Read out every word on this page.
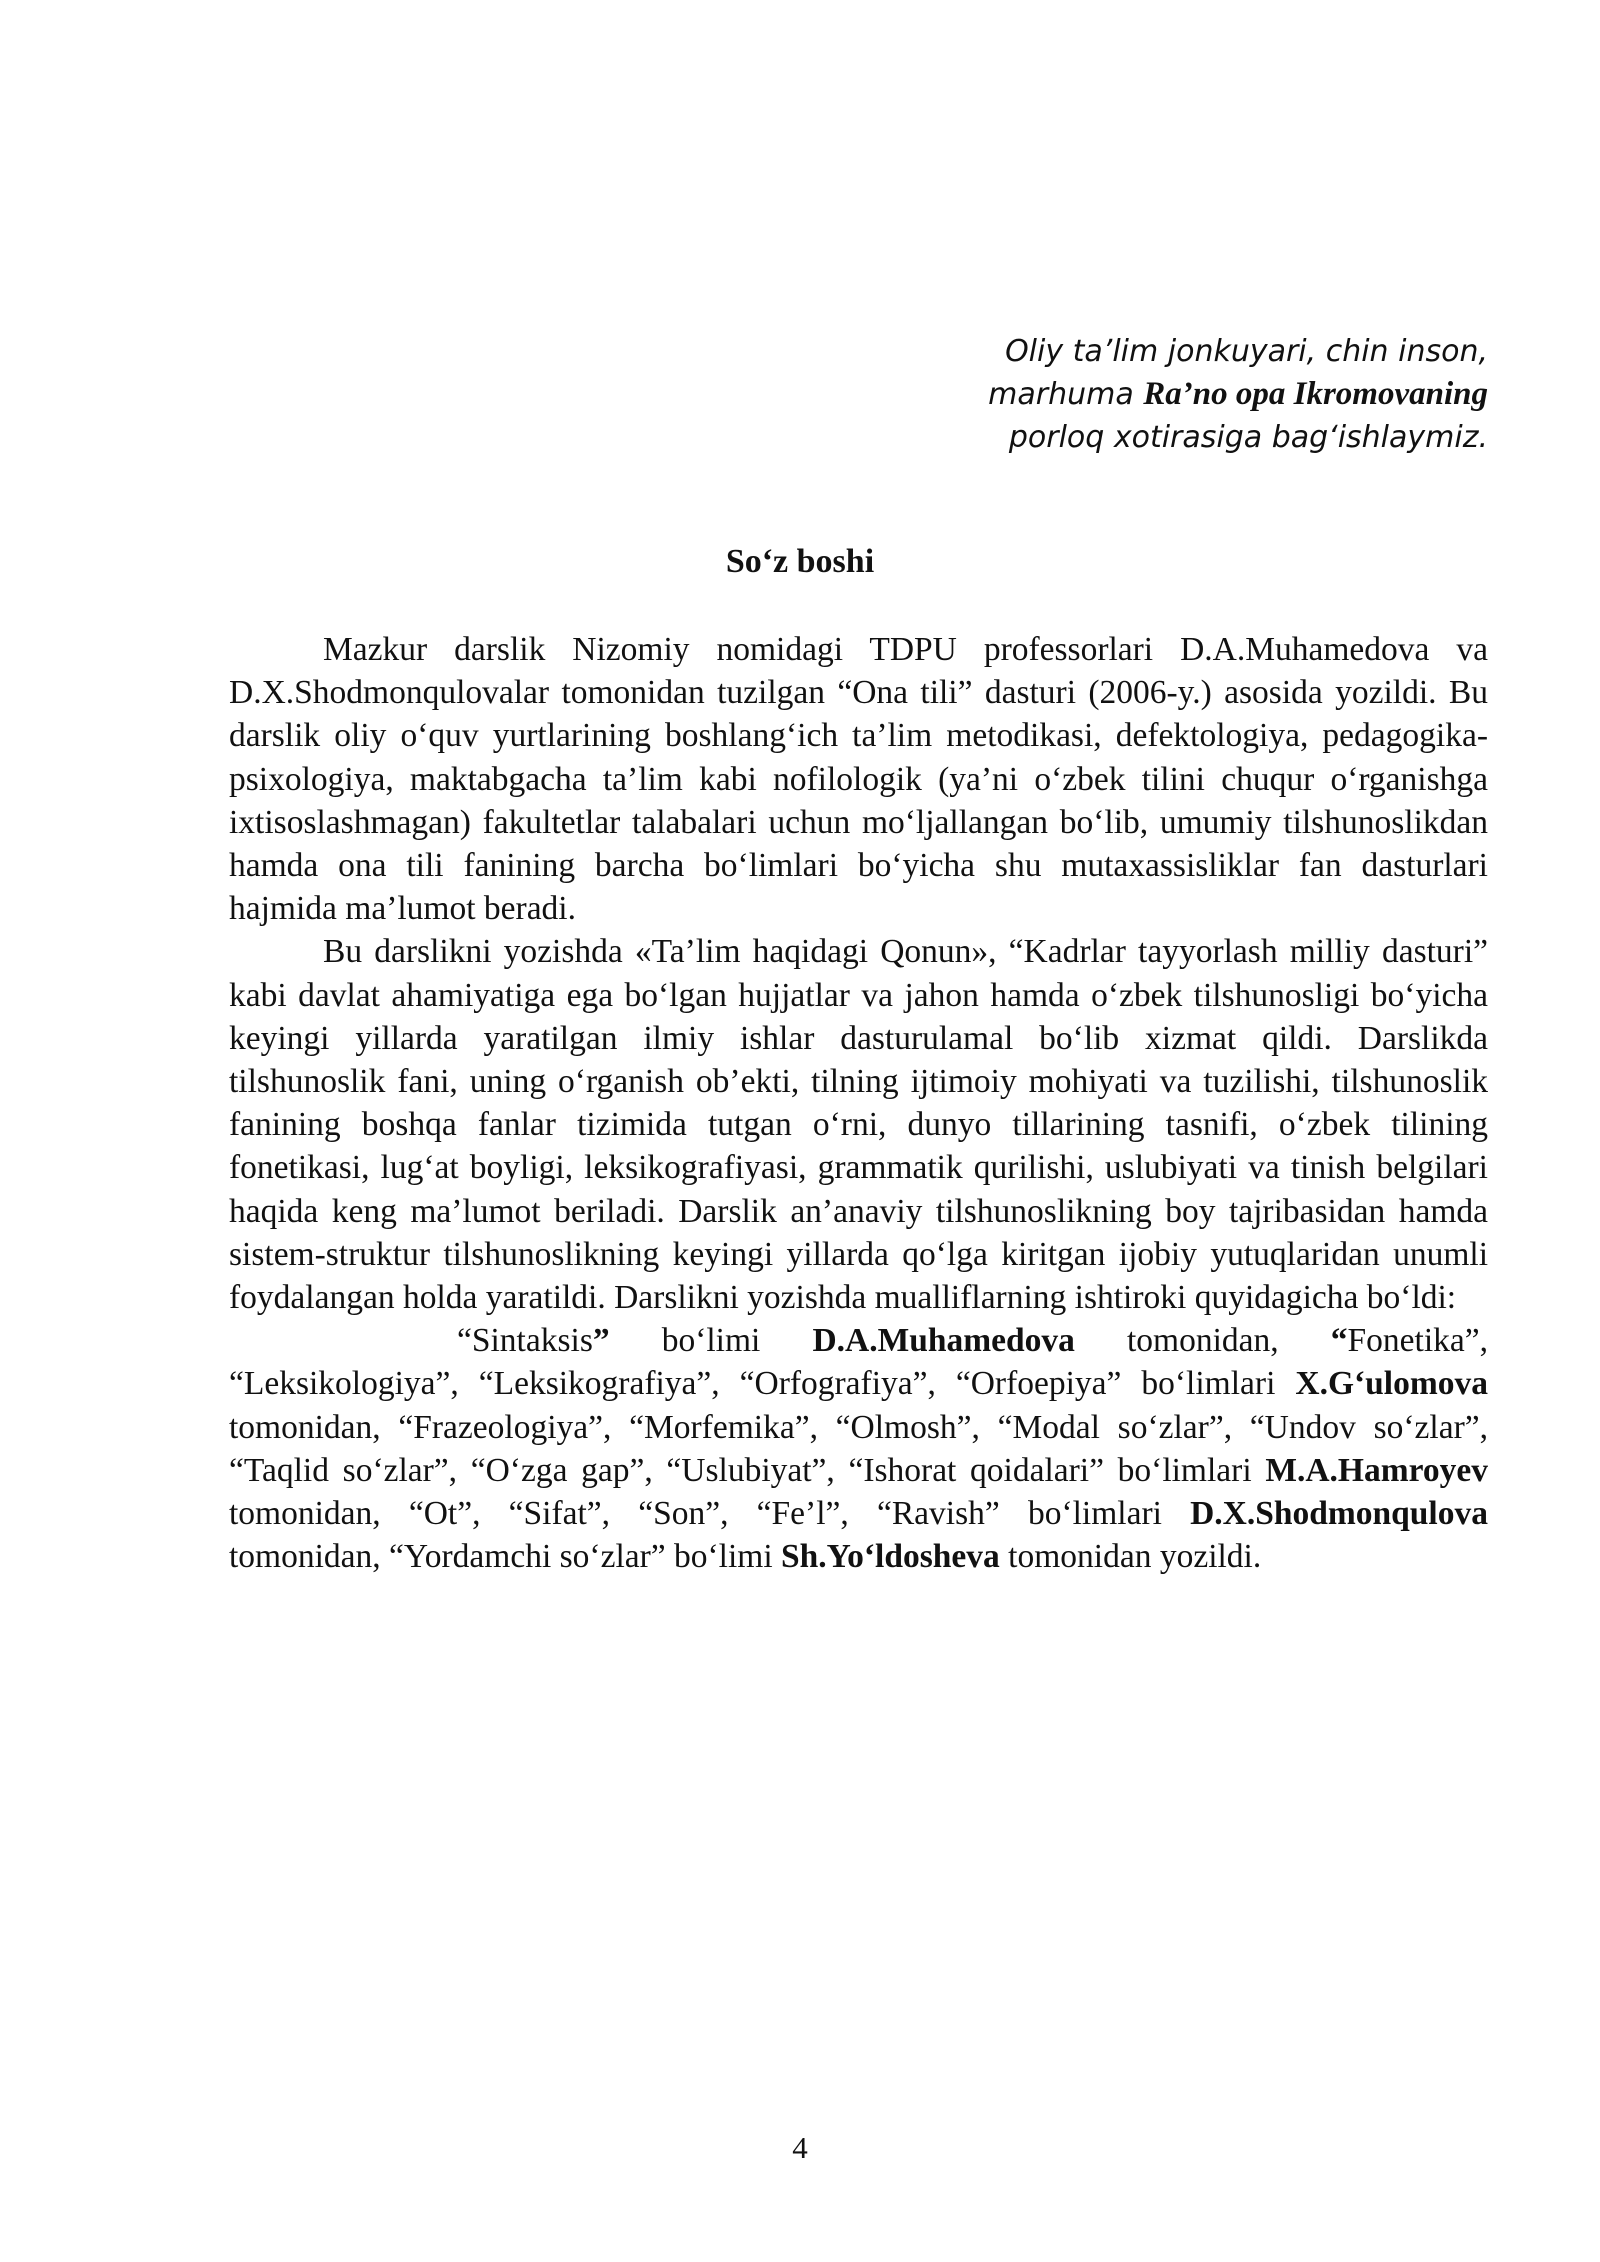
Oliy ta’lim jonkuyari, chin inson,
marhuma Ra’no opa Ikromovaning
porloq xotirasiga bag‘ishlaymiz.
So‘z boshi

Mazkur darslik Nizomiy nomidagi TDPU professorlari D.A.Muhamedova va D.X.Shodmonqulovalar tomonidan tuzilgan “Ona tili” dasturi (2006-y.) asosida yozildi. Bu darslik oliy o‘quv yurtlarining boshlang‘ich ta’lim metodikasi, defektologiya, pedagogika-psixologiya, maktabgacha ta’lim kabi nofilologik (ya’ni o‘zbek tilini chuqur o‘rganishga ixtisoslashmagan) fakultetlar talabalari uchun mo‘ljallangan bo‘lib, umumiy tilshunoslikdan hamda ona tili fanining barcha bo‘limlari bo‘yicha shu mutaxassisliklar fan dasturlari hajmida ma’lumot beradi.

Bu darslikni yozishda «Ta’lim haqidagi Qonun», “Kadrlar tayyorlash milliy dasturi” kabi davlat ahamiyatiga ega bo‘lgan hujjatlar va jahon hamda o‘zbek tilshunosligi bo‘yicha keyingi yillarda yaratilgan ilmiy ishlar dasturulamal bo‘lib xizmat qildi. Darslikda tilshunoslik fani, uning o‘rganish ob’ekti, tilning ijtimoiy mohiyati va tuzilishi, tilshunoslik fanining boshqa fanlar tizimida tutgan o‘rni, dunyo tillarining tasnifi, o‘zbek tilining fonetikasi, lug‘at boyligi, leksikografiyasi, grammatik qurilishi, uslubiyati va tinish belgilari haqida keng ma’lumot beriladi. Darslik an’anaviy tilshunoslikning boy tajribasidan hamda sistem-struktur tilshunoslikning keyingi yillarda qo‘lga kiritgan ijobiy yutuqlaridan unumli foydalangan holda yaratildi. Darslikni yozishda mualliflarning ishtiroki quyidagicha bo‘ldi:

“Sintaksis” bo‘limi D.A.Muhamedova tomonidan, “Fonetika”, “Leksikologiya”, “Leksikografiya”, “Orfografiya”, “Orfoepiya” bo‘limlari X.G‘ulomova tomonidan, “Frazeologiya”, “Morfemika”, “Olmosh”, “Modal so‘zlar”, “Undov so‘zlar”, “Taqlid so‘zlar”, “O‘zga gap”, “Uslubiyat”, “Ishorat qoidalari” bo‘limlari M.A.Hamroyev tomonidan, “Ot”, “Sifat”, “Son”, “Fe’l”, “Ravish” bo‘limlari D.X.Shodmonqulova tomonidan, “Yordamchi so‘zlar” bo‘limi Sh.Yo‘ldosheva tomonidan yozildi.

4
